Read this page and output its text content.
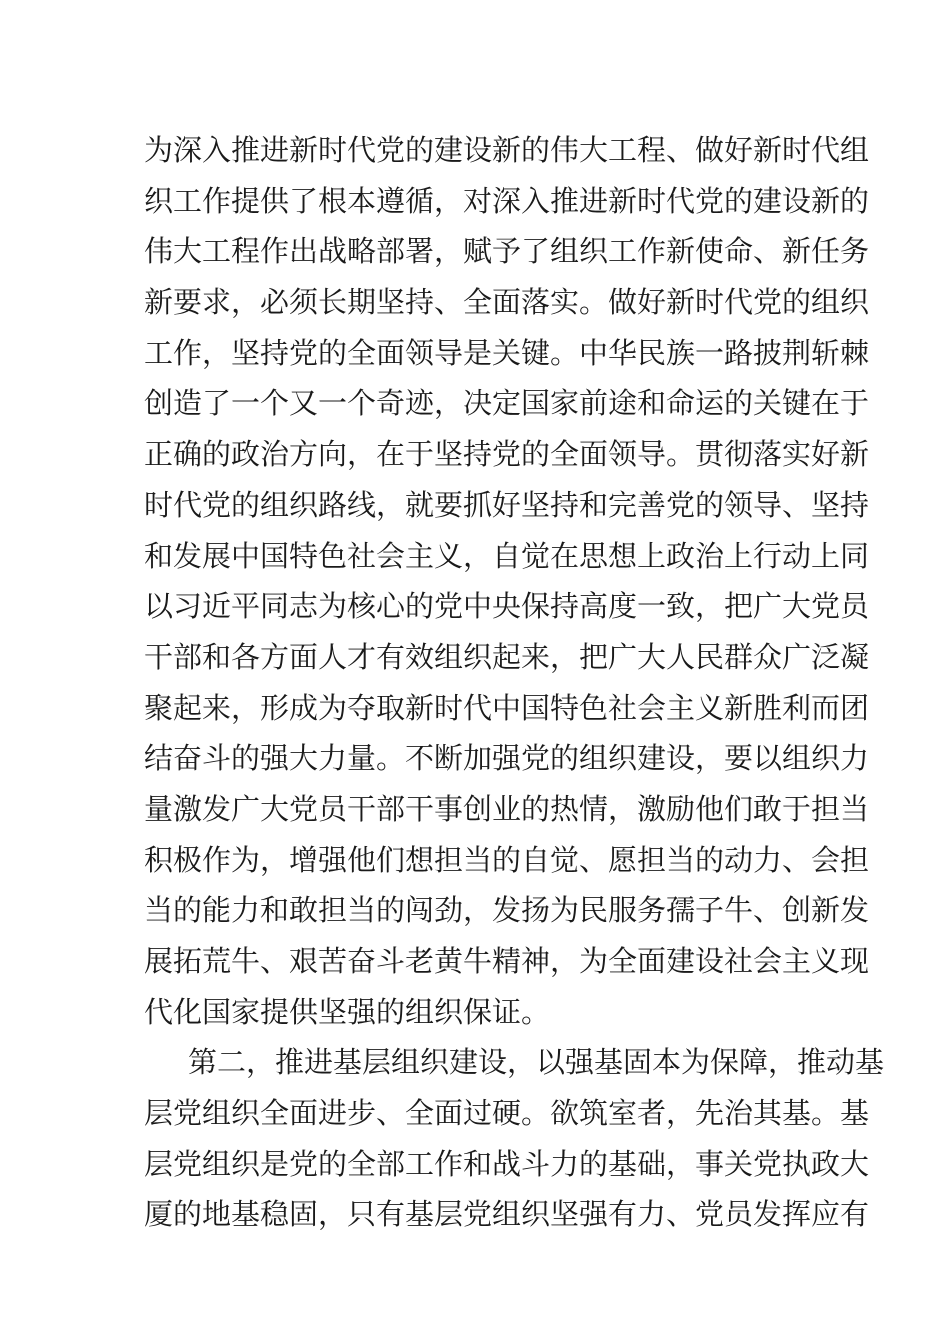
为深入推进新时代党的建设新的伟大工程、做好新时代组
织工作提供了根本遵循，对深入推进新时代党的建设新的
伟大工程作出战略部署，赋予了组织工作新使命、新任务
新要求，必须长期坚持、全面落实。做好新时代党的组织
工作，坚持党的全面领导是关键。中华民族一路披荆斩棘
创造了一个又一个奇迹，决定国家前途和命运的关键在于
正确的政治方向，在于坚持党的全面领导。贯彻落实好新
时代党的组织路线，就要抓好坚持和完善党的领导、坚持
和发展中国特色社会主义，自觉在思想上政治上行动上同
以习近平同志为核心的党中央保持高度一致，把广大党员
干部和各方面人才有效组织起来，把广大人民群众广泛凝
聚起来，形成为夺取新时代中国特色社会主义新胜利而团
结奋斗的强大力量。不断加强党的组织建设，要以组织力
量激发广大党员干部干事创业的热情，激励他们敢于担当
积极作为，增强他们想担当的自觉、愿担当的动力、会担
当的能力和敢担当的闯劲，发扬为民服务孺子牛、创新发
展拓荒牛、艰苦奋斗老黄牛精神，为全面建设社会主义现
代化国家提供坚强的组织保证。
第二，推进基层组织建设，以强基固本为保障，推动基
层党组织全面进步、全面过硬。欲筑室者，先治其基。基
层党组织是党的全部工作和战斗力的基础，事关党执政大
厦的地基稳固，只有基层党组织坚强有力、党员发挥应有
